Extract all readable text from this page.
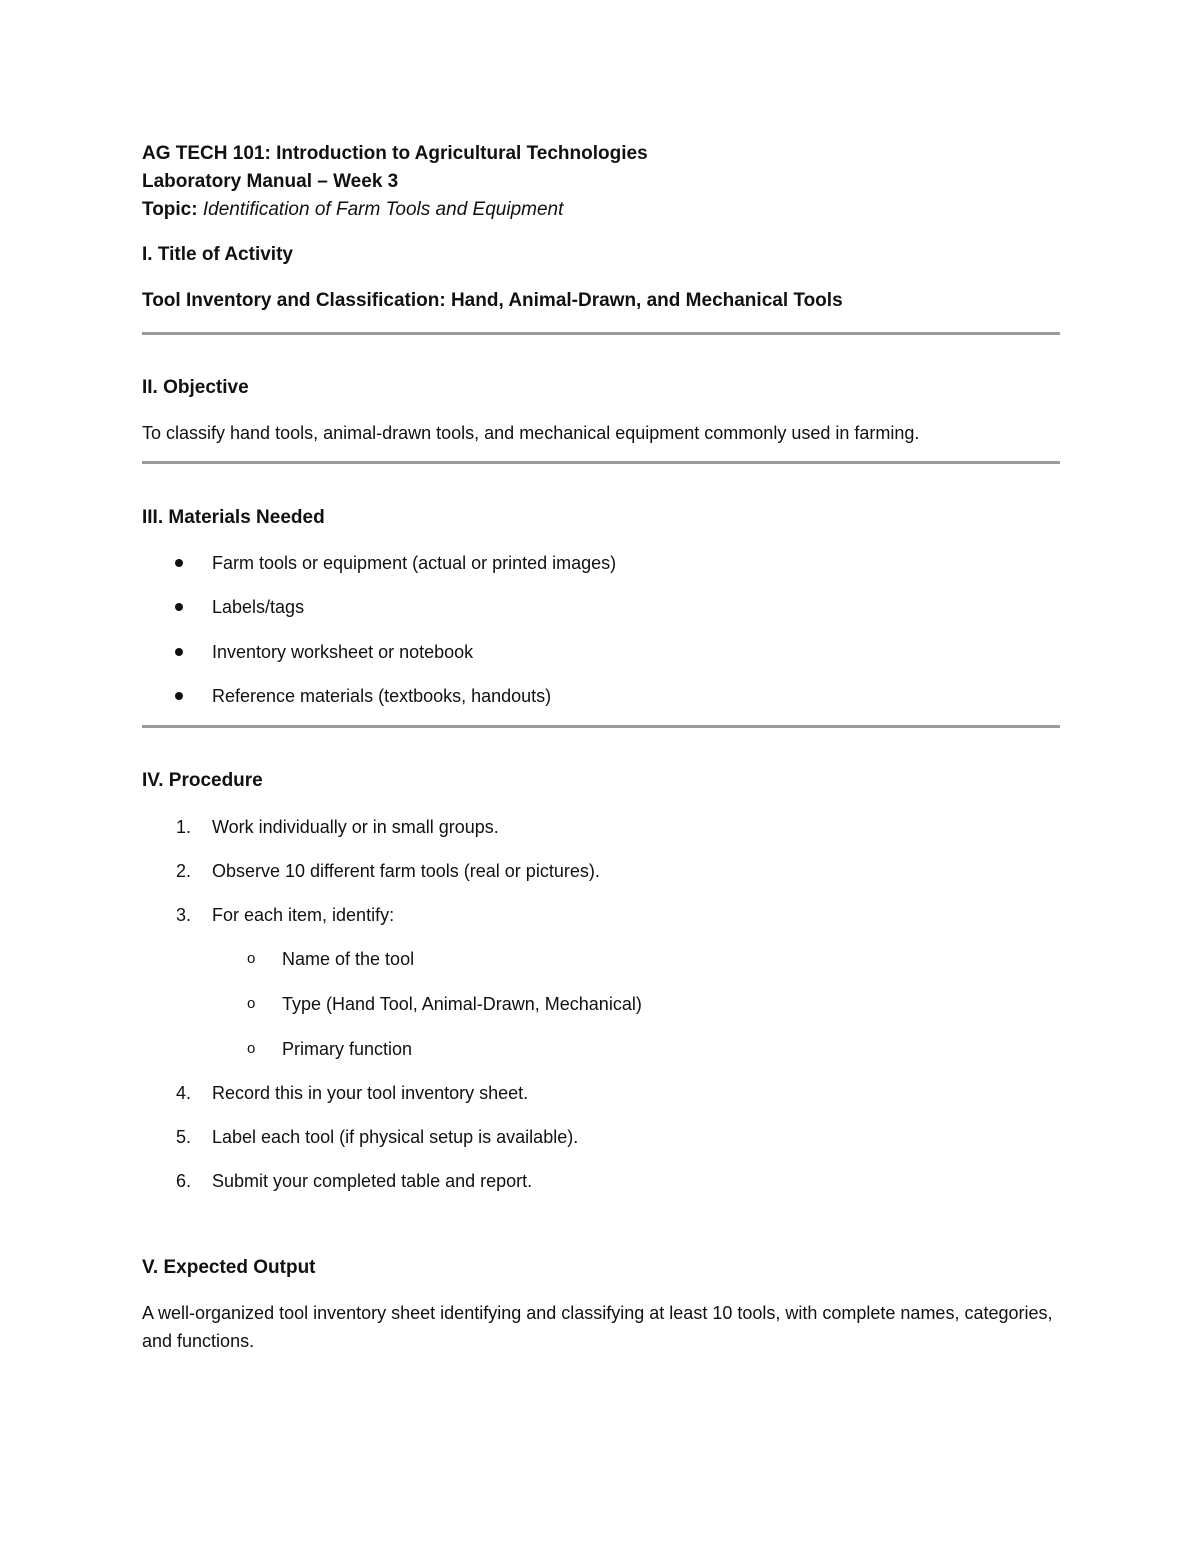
AG TECH 101: Introduction to Agricultural Technologies

Laboratory Manual – Week 3

Topic: Identification of Farm Tools and Equipment

I. Title of Activity

Tool Inventory and Classification: Hand, Animal-Drawn, and Mechanical Tools

II. Objective

To classify hand tools, animal-drawn tools, and mechanical equipment commonly used in farming.

III. Materials Needed

Farm tools or equipment (actual or printed images)
Labels/tags
Inventory worksheet or notebook
Reference materials (textbooks, handouts)

IV. Procedure

1. Work individually or in small groups.
2. Observe 10 different farm tools (real or pictures).
3. For each item, identify:
o Name of the tool
o Type (Hand Tool, Animal-Drawn, Mechanical)
o Primary function
4. Record this in your tool inventory sheet.
5. Label each tool (if physical setup is available).
6. Submit your completed table and report.

V. Expected Output

A well-organized tool inventory sheet identifying and classifying at least 10 tools, with complete names, categories, and functions.
